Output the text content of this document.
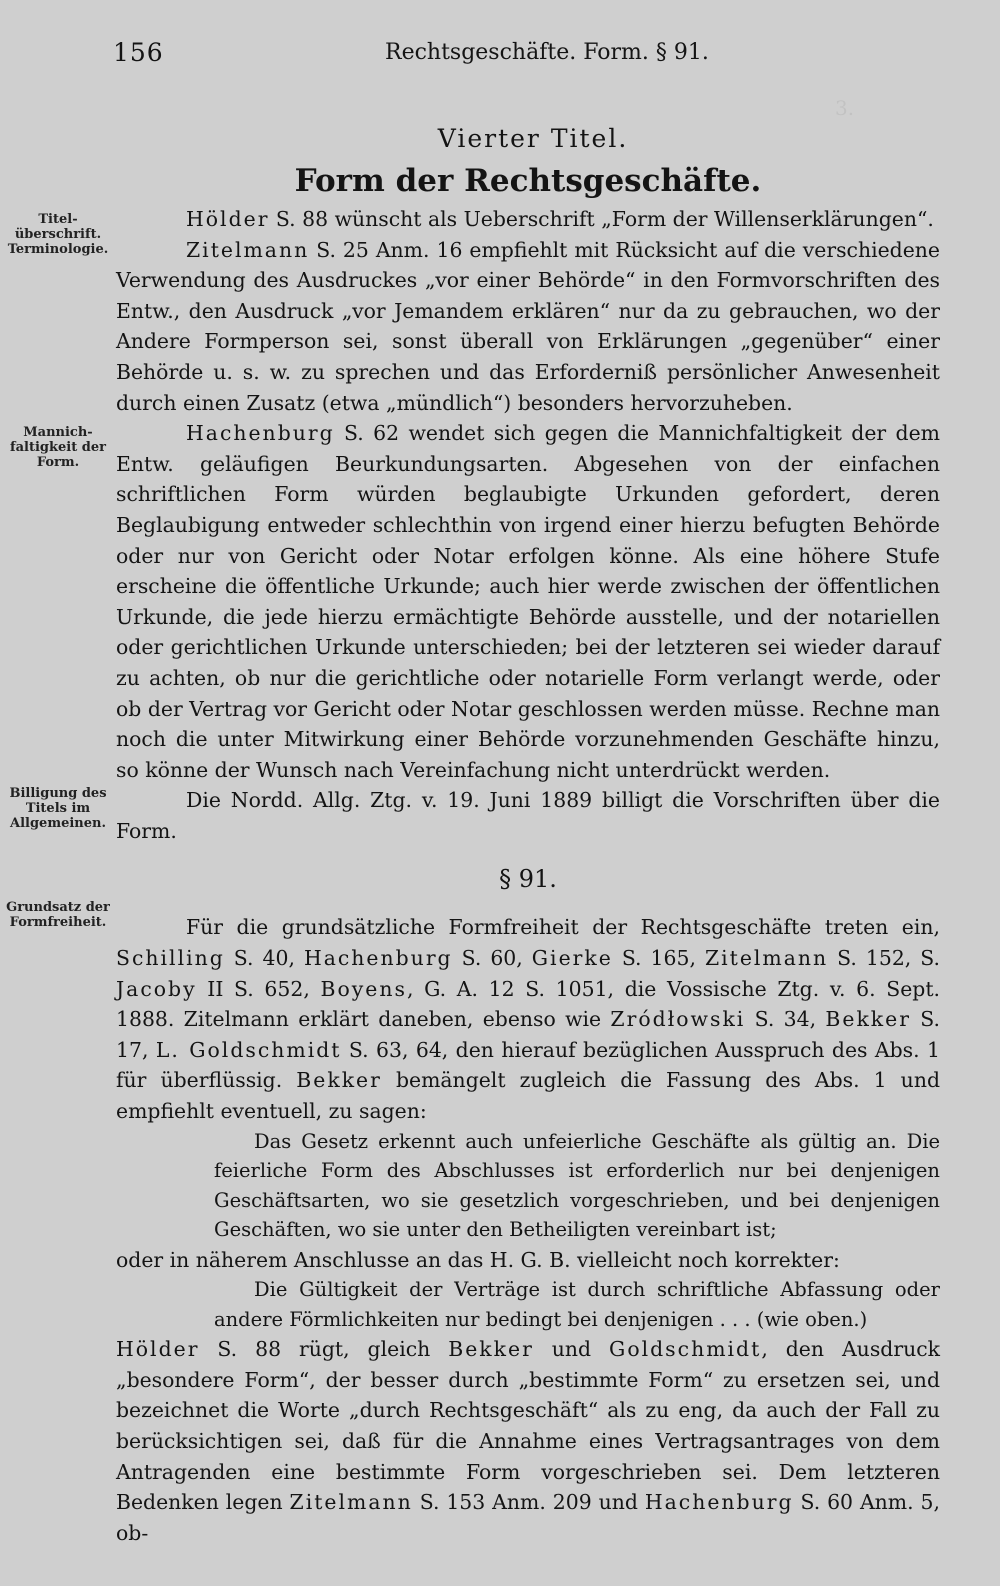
3.
156	Rechtsgeschäfte. Form. § 91.
Titel-
überschrift.
Terminologie.
Mannich-
faltigkeit der
Form.
Billigung des
Titels im
Allgemeinen.
Grundsatz der
Formfreiheit.
Vierter Titel.
Form der Rechtsgeschäfte.

Hölder S. 88 wünscht als Ueberschrift „Form der Willenserklärungen“.

Zitelmann S. 25 Anm. 16 empfiehlt mit Rücksicht auf die verschiedene Verwendung des Ausdruckes „vor einer Behörde“ in den Formvorschriften des Entw., den Ausdruck „vor Jemandem erklären“ nur da zu gebrauchen, wo der Andere Formperson sei, sonst überall von Erklärungen „gegenüber“ einer Behörde u. s. w. zu sprechen und das Erforderniß persönlicher Anwesenheit durch einen Zusatz (etwa „mündlich“) besonders hervorzuheben.

Hachenburg S. 62 wendet sich gegen die Mannichfaltigkeit der dem Entw. geläufigen Beurkundungsarten. Abgesehen von der einfachen schriftlichen Form würden beglaubigte Urkunden gefordert, deren Beglaubigung entweder schlechthin von irgend einer hierzu befugten Behörde oder nur von Gericht oder Notar erfolgen könne. Als eine höhere Stufe erscheine die öffentliche Urkunde; auch hier werde zwischen der öffentlichen Urkunde, die jede hierzu ermächtigte Behörde ausstelle, und der notariellen oder gerichtlichen Urkunde unterschieden; bei der letzteren sei wieder darauf zu achten, ob nur die gerichtliche oder notarielle Form verlangt werde, oder ob der Vertrag vor Gericht oder Notar geschlossen werden müsse. Rechne man noch die unter Mitwirkung einer Behörde vorzunehmenden Geschäfte hinzu, so könne der Wunsch nach Vereinfachung nicht unterdrückt werden.

Die Nordd. Allg. Ztg. v. 19. Juni 1889 billigt die Vorschriften über die Form.

§ 91.

Für die grundsätzliche Formfreiheit der Rechtsgeschäfte treten ein, Schilling S. 40, Hachenburg S. 60, Gierke S. 165, Zitelmann S. 152, S. Jacoby II S. 652, Boyens, G. A. 12 S. 1051, die Vossische Ztg. v. 6. Sept. 1888. Zitelmann erklärt daneben, ebenso wie Zródłowski S. 34, Bekker S. 17, L. Goldschmidt S. 63, 64, den hierauf bezüglichen Ausspruch des Abs. 1 für überflüssig. Bekker bemängelt zugleich die Fassung des Abs. 1 und empfiehlt eventuell, zu sagen:

Das Gesetz erkennt auch unfeierliche Geschäfte als gültig an. Die feierliche Form des Abschlusses ist erforderlich nur bei denjenigen Geschäftsarten, wo sie gesetzlich vorgeschrieben, und bei denjenigen Geschäften, wo sie unter den Betheiligten vereinbart ist;

oder in näherem Anschlusse an das H. G. B. vielleicht noch korrekter:

Die Gültigkeit der Verträge ist durch schriftliche Abfassung oder andere Förmlichkeiten nur bedingt bei denjenigen . . . (wie oben.)

Hölder S. 88 rügt, gleich Bekker und Goldschmidt, den Ausdruck „besondere Form“, der besser durch „bestimmte Form“ zu ersetzen sei, und bezeichnet die Worte „durch Rechtsgeschäft“ als zu eng, da auch der Fall zu berücksichtigen sei, daß für die Annahme eines Vertragsantrages von dem Antragenden eine bestimmte Form vorgeschrieben sei. Dem letzteren Bedenken legen Zitelmann S. 153 Anm. 209 und Hachenburg S. 60 Anm. 5, ob-
